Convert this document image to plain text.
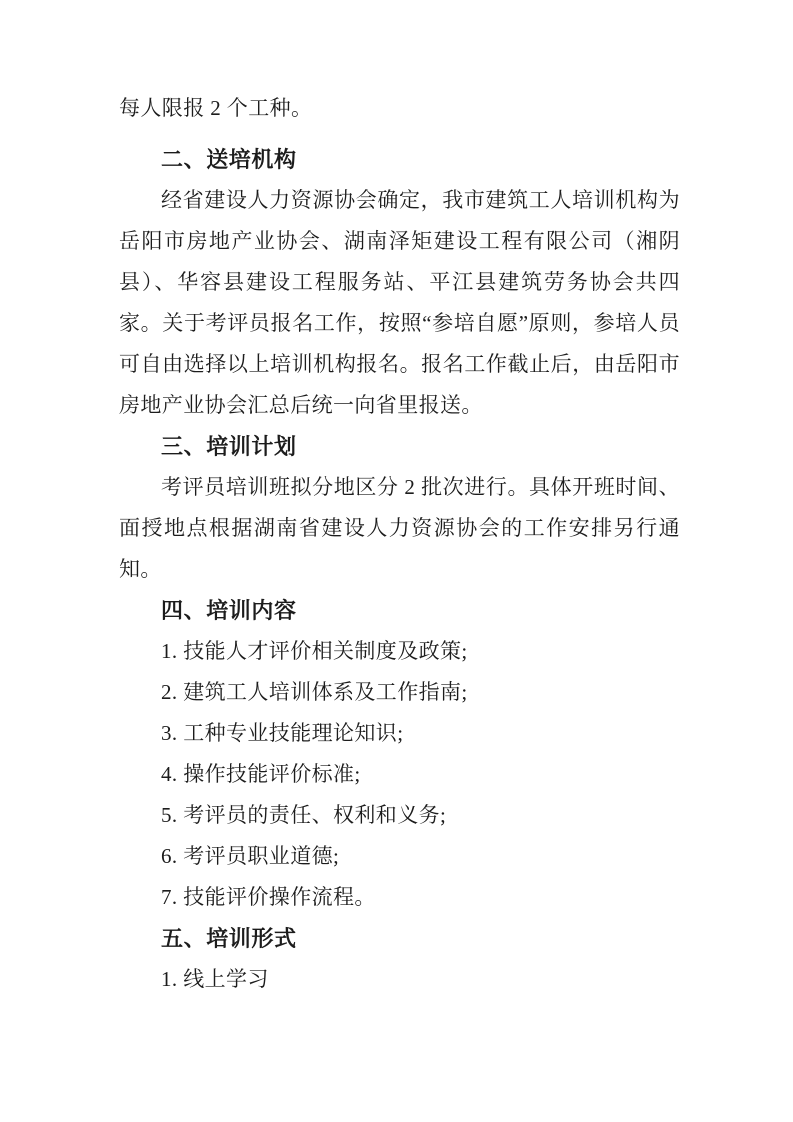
每人限报 2 个工种。

二、送培机构

经省建设人力资源协会确定，我市建筑工人培训机构为岳阳市房地产业协会、湖南泽矩建设工程有限公司（湘阴县）、华容县建设工程服务站、平江县建筑劳务协会共四家。关于考评员报名工作，按照“参培自愿”原则，参培人员可自由选择以上培训机构报名。报名工作截止后，由岳阳市房地产业协会汇总后统一向省里报送。

三、培训计划

考评员培训班拟分地区分 2 批次进行。具体开班时间、面授地点根据湖南省建设人力资源协会的工作安排另行通知。

四、培训内容

1. 技能人才评价相关制度及政策;

2. 建筑工人培训体系及工作指南;

3. 工种专业技能理论知识;

4. 操作技能评价标准;

5. 考评员的责任、权利和义务;

6. 考评员职业道德;

7. 技能评价操作流程。

五、培训形式

1. 线上学习
